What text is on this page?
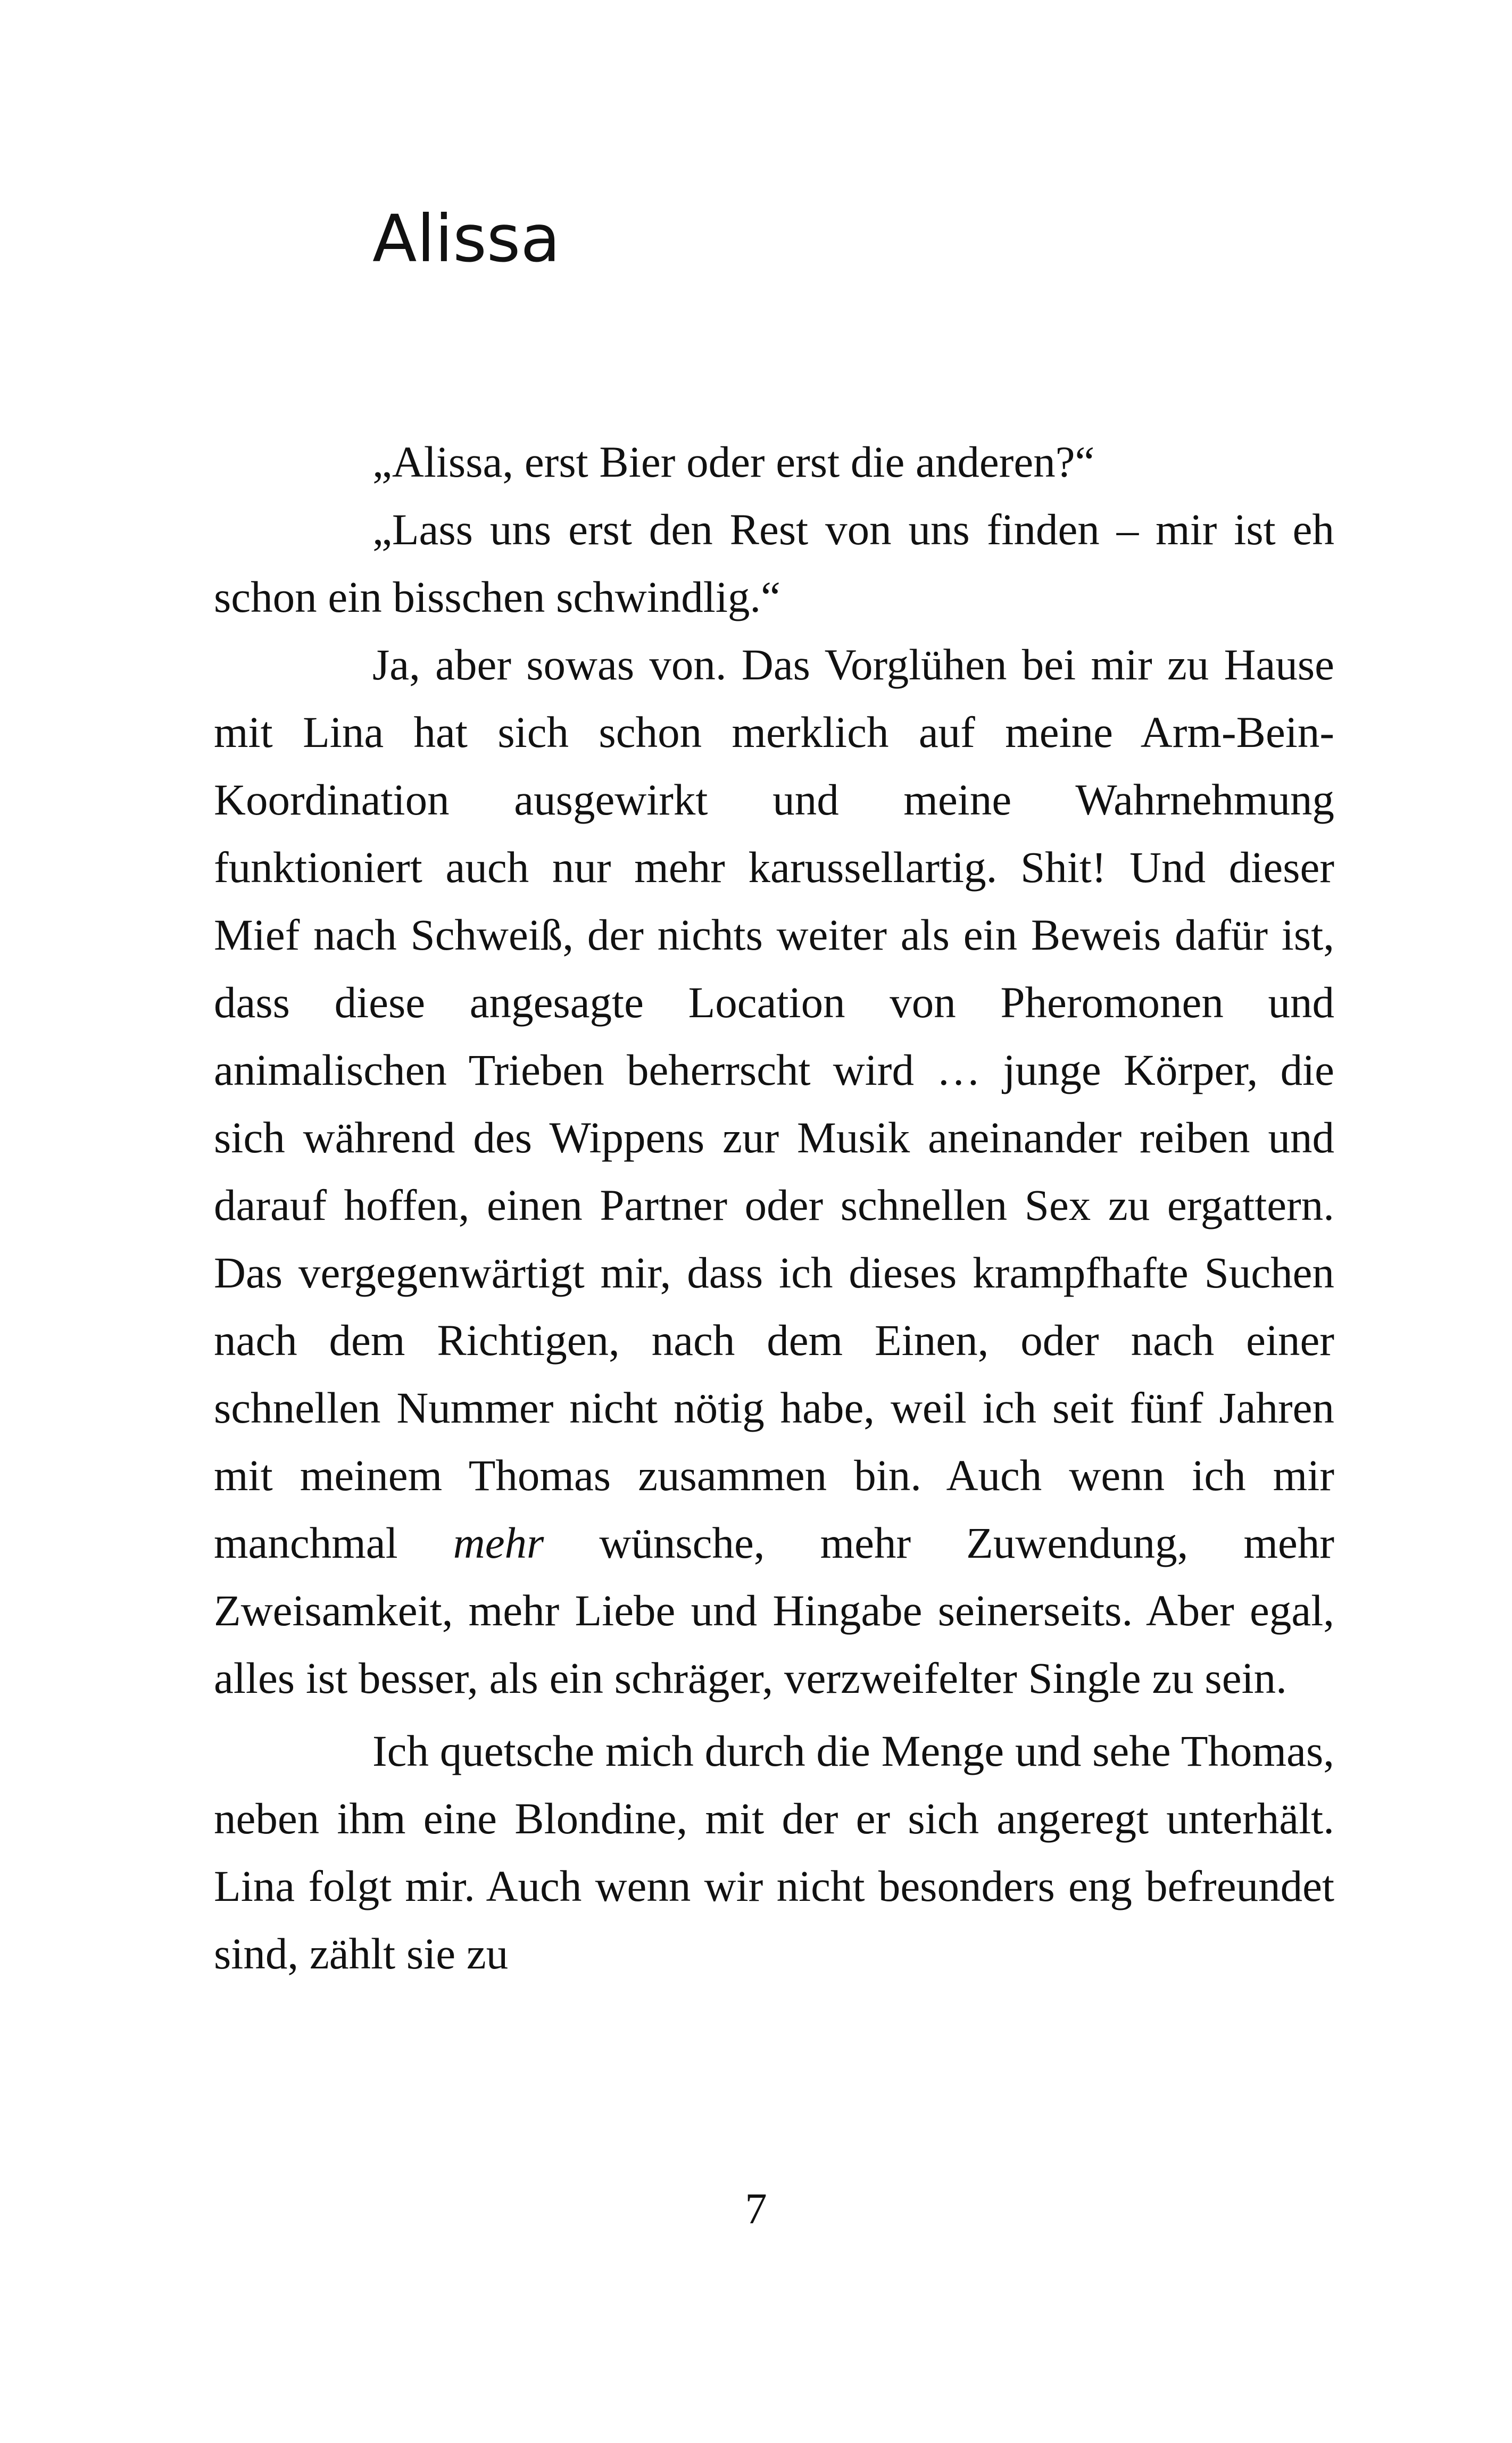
Alissa

„Alissa, erst Bier oder erst die anderen?“

„Lass uns erst den Rest von uns finden – mir ist eh schon ein bisschen schwindlig.“

Ja, aber sowas von. Das Vorglühen bei mir zu Hause mit Lina hat sich schon merklich auf meine Arm-Bein-Koordination ausgewirkt und meine Wahrnehmung funktioniert auch nur mehr karussellartig. Shit! Und dieser Mief nach Schweiß, der nichts weiter als ein Beweis dafür ist, dass diese angesagte Location von Pheromonen und animalischen Trieben beherrscht wird … junge Körper, die sich während des Wippens zur Musik aneinander reiben und darauf hoffen, einen Partner oder schnellen Sex zu ergattern. Das vergegenwärtigt mir, dass ich dieses krampfhafte Suchen nach dem Richtigen, nach dem Einen, oder nach einer schnellen Nummer nicht nötig habe, weil ich seit fünf Jahren mit meinem Thomas zusammen bin. Auch wenn ich mir manchmal mehr wünsche, mehr Zuwendung, mehr Zweisamkeit, mehr Liebe und Hingabe seinerseits. Aber egal, alles ist besser, als ein schräger, verzweifelter Single zu sein.

Ich quetsche mich durch die Menge und sehe Thomas, neben ihm eine Blondine, mit der er sich angeregt unterhält. Lina folgt mir. Auch wenn wir nicht besonders eng befreundet sind, zählt sie zu

7
